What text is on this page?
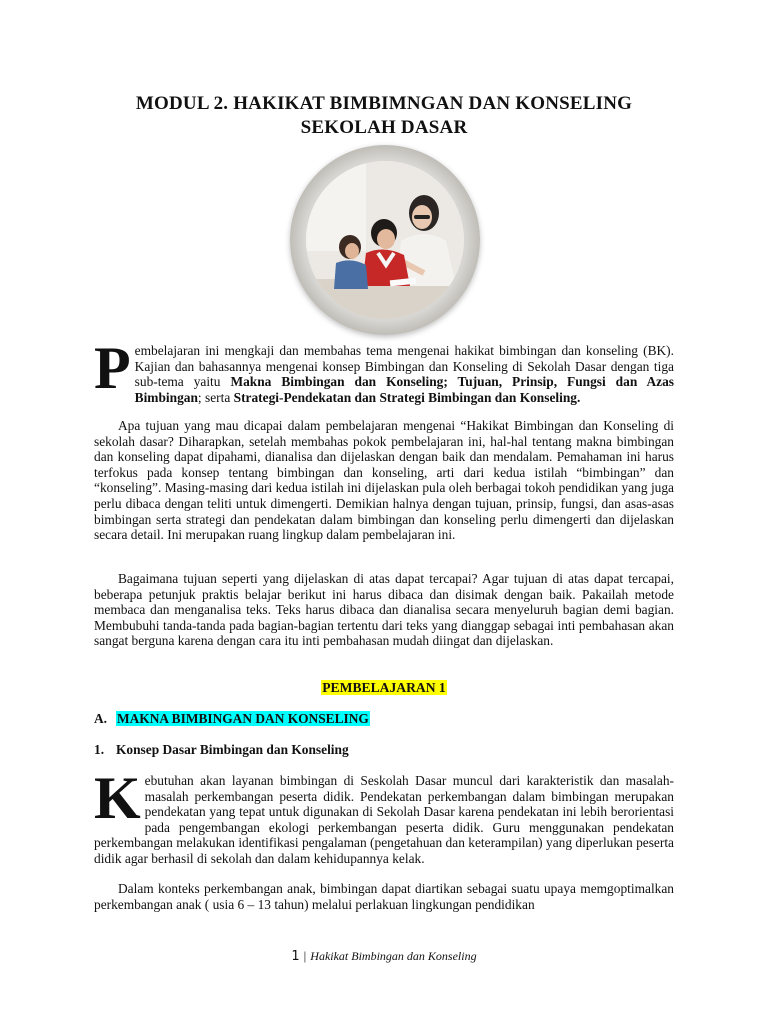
MODUL 2. HAKIKAT BIMBIMNGAN DAN KONSELING
SEKOLAH DASAR

Pembelajaran ini mengkaji dan membahas tema mengenai hakikat bimbingan dan konseling (BK). Kajian dan bahasannya mengenai konsep Bimbingan dan Konseling di Sekolah Dasar dengan tiga sub-tema yaitu Makna Bimbingan dan Konseling; Tujuan, Prinsip, Fungsi dan Azas Bimbingan; serta Strategi-Pendekatan dan Strategi Bimbingan dan Konseling.

Apa tujuan yang mau dicapai dalam pembelajaran mengenai “Hakikat Bimbingan dan Konseling di sekolah dasar? Diharapkan, setelah membahas pokok pembelajaran ini, hal-hal tentang makna bimbingan dan konseling dapat dipahami, dianalisa dan dijelaskan dengan baik dan mendalam. Pemahaman ini harus terfokus pada konsep tentang bimbingan dan konseling, arti dari kedua istilah “bimbingan” dan “konseling”. Masing-masing dari kedua istilah ini dijelaskan pula oleh berbagai tokoh pendidikan yang juga perlu dibaca dengan teliti untuk dimengerti. Demikian halnya dengan tujuan, prinsip, fungsi, dan asas-asas bimbingan serta strategi dan pendekatan dalam bimbingan dan konseling perlu dimengerti dan dijelaskan secara detail. Ini merupakan ruang lingkup dalam pembelajaran ini.

Bagaimana tujuan seperti yang dijelaskan di atas dapat tercapai? Agar tujuan di atas dapat tercapai, beberapa petunjuk praktis belajar berikut ini harus dibaca dan disimak dengan baik. Pakailah metode membaca dan menganalisa teks. Teks harus dibaca dan dianalisa secara menyeluruh bagian demi bagian. Membubuhi tanda-tanda pada bagian-bagian tertentu dari teks yang dianggap sebagai inti pembahasan akan sangat berguna karena dengan cara itu inti pembahasan mudah diingat dan dijelaskan.

PEMBELAJARAN 1
A. MAKNA BIMBINGAN DAN KONSELING
1. Konsep Dasar Bimbingan dan Konseling

Kebutuhan akan layanan bimbingan di Seskolah Dasar muncul dari karakteristik dan masalah-masalah perkembangan peserta didik. Pendekatan perkembangan dalam bimbingan merupakan pendekatan yang tepat untuk digunakan di Sekolah Dasar karena pendekatan ini lebih berorientasi pada pengembangan ekologi perkembangan peserta didik. Guru menggunakan pendekatan perkembangan melakukan identifikasi pengalaman (pengetahuan dan keterampilan) yang diperlukan peserta didik agar berhasil di sekolah dan dalam kehidupannya kelak.

Dalam konteks perkembangan anak, bimbingan dapat diartikan sebagai suatu upaya memgoptimalkan perkembangan anak ( usia 6 – 13 tahun) melalui perlakuan lingkungan pendidikan

1 | Hakikat Bimbingan dan Konseling
